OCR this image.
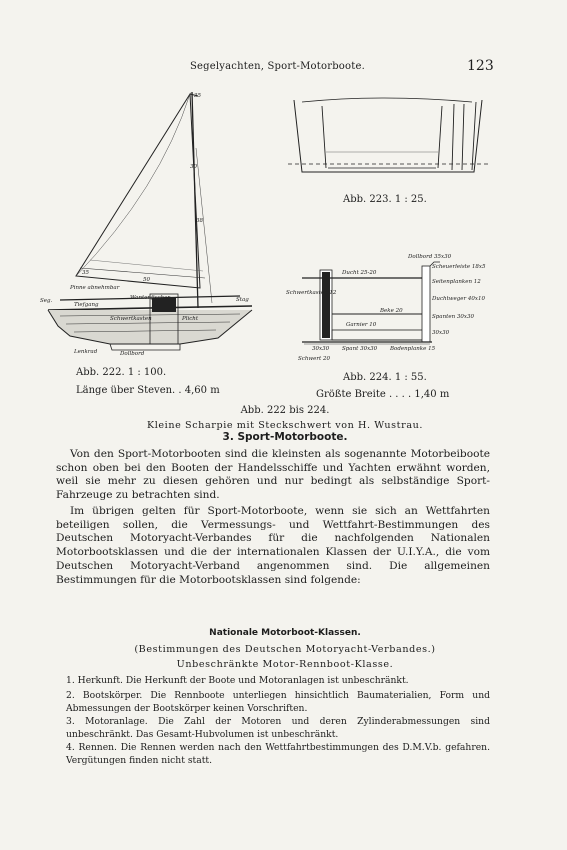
Segelyachten, Sport-Motorboote.	123
35
30
50
38
35
Pinne abnehmbar
Seg.
Tiefgang
Wantenfischer
Schwertkasten
Stag
Plicht
Lenkrad	Dollbord
Abb. 222. 1 : 100.
Länge über Steven. . 4,60 m
Abb. 223. 1 : 25.
Dollbord 35x30
Scheuerleiste 18x5
Seitenplanken 12
Ducht 25-20
Schwertkasten 12
Duchtweger 40x10
Spanten 30x30
Beke 20
Garnier 10
30x30
30x30 Spant 30x30 Bodenplanke 15
Schwert 20
Abb. 224. 1 : 55.
Größte Breite . . . . 1,40 m
Abb. 222 bis 224.
Kleine Scharpie mit Steckschwert von H. Wustrau.
3. Sport-Motorboote.
Von den Sport-Motorbooten sind die kleinsten als sogenannte Motorbeiboote schon oben bei den Booten der Handelsschiffe und Yachten erwähnt worden, weil sie mehr zu diesen gehören und nur bedingt als selbständige Sport-Fahrzeuge zu betrachten sind.
Im übrigen gelten für Sport-Motorboote, wenn sie sich an Wettfahrten beteiligen sollen, die Vermessungs- und Wettfahrt-Bestimmungen des Deutschen Motoryacht-Verbandes für die nachfolgenden Nationalen Motorbootsklassen und die der internationalen Klassen der U.I.Y.A., die vom Deutschen Motoryacht-Verband angenommen sind. Die allgemeinen Bestimmungen für die Motorbootsklassen sind folgende:
Nationale Motorboot-Klassen.
(Bestimmungen des Deutschen Motoryacht-Verbandes.)
Unbeschränkte Motor-Rennboot-Klasse.
1. Herkunft. Die Herkunft der Boote und Motoranlagen ist unbeschränkt.
2. Bootskörper. Die Rennboote unterliegen hinsichtlich Baumaterialien, Form und Abmessungen der Bootskörper keinen Vorschriften.
3. Motoranlage. Die Zahl der Motoren und deren Zylinderabmessungen sind unbeschränkt. Das Gesamt-Hubvolumen ist unbeschränkt.
4. Rennen. Die Rennen werden nach den Wettfahrtbestimmungen des D.M.V.b. gefahren. Vergütungen finden nicht statt.
